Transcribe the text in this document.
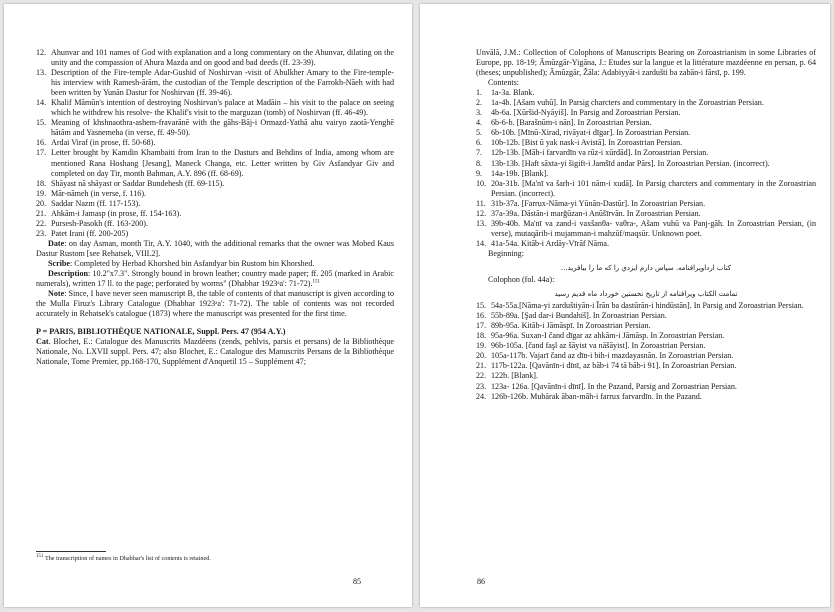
12. Ahunvar and 101 names of God with explanation and a long commentary on the Ahunvar, dilating on the unity and the compassion of Ahura Mazda and on good and bad deeds (ff. 23-39).
13. Description of the Fire-temple Adar-Gushid of Noshirvan -visit of Abulkher Amary to the Fire-temple- his interview with Ramesh-ārām, the custodian of the Temple description of the Farrokh-Nāeh with had been written by Yunān Dastur for Noshirvan (ff. 39-46).
14. Khalif Māmūn's intention of destroying Noshirvan's palace at Madāin – his visit to the palace on seeing which he withdrew his resolve- the Khalif's visit to the marguzan (tomb) of Noshirvan (ff. 46-49).
15. Meaning of khshnaothra-ashem-fravarānē with the gāhs-Bāj-i Ormazd-Yathā ahu vairyo zaotā-Yenghē hātām and Yasnemeha (in verse, ff. 49-50).
16. Ardai Viraf (in prose, ff. 50-68).
17. Letter brought by Kamdin Khambaiti from Iran to the Dasturs and Behdins of India, among whom are mentioned Rana Hoshang [Jesang], Maneck Changa, etc. Letter written by Giv Asfandyar Giv and completed on day Tir, month Bahman, A.Y. 896 (ff. 68-69).
18. Shāyast nā shāyast or Saddar Bundehesh (ff. 69-115).
19. Mār-nāmeh (in verse, f. 116).
20. Saddar Nazm (ff. 117-153).
21. Ahkām-i Jamasp (in prose, ff. 154-163).
22. Pursesh-Pasokh (ff. 163-200).
23. Patet Irani (ff. 200-205)

Date: on day Asman, month Tir, A.Y. 1040, with the additional remarks that the owner was Mobed Kaus Dastur Rustom [see Rehatsek, VIII.2].

Scribe: Completed by Herbad Khorshed bin Asfandyar bin Rustom bin Khorshed.

Description: 10.2"x7.3". Strongly bound in brown leather; country made paper; ff. 205 (marked in Arabic numerals), written 17 ll. to the page; perforated by worms" (Dhabhar 1923ᵃa': 71-72).$^{151}$

Note: Since, I have never seen manuscript B, the table of contents of that manuscript is given according to the Mulla Firuz's Library Catalogue (Dhabhar 1923ᵃa': 71-72). The table of contents was not recorded accurately in Rehatsek's catalogue (1873) where the manuscript was presented for the first time.

P = PARIS, BIBLIOTHÈQUE NATIONALE, Suppl. Pers. 47 (954 A.Y.)

Cat. Blochet, E.: Catalogue des Manuscrits Mazdéens (zends, pehlvis, parsis et persans) de la Bibliothèque Nationale, No. LXVII suppl. Pers. 47; also Blochet, E.: Catalogue des Manuscrits Persans de la Bibliothèque Nationale, Tome Premier, pp.168-170, Supplément d'Anquetil 15 – Supplément 47;

$^{151}$ The transcription of names in Dhabhar's list of contents is retained.
85

Unvālā, J.M.: Collection of Colophons of Manuscripts Bearing on Zoroastrianism in some Libraries of Europe, pp. 18-19; Āmūzgār-Yigāna, J.: Etudes sur la langue et la littérature mazdéenne en persan, p. 64 (theses; unpublished); Āmūzgār, Žāla: Adabiyyāt-i zardušti ba zabān-i fārsī, p. 199.

Contents:

1. 1a-3a. Blank.
2. 1a-4b. [Ašam vuhū]. In Parsig charcters and commentary in the Zoroastrian Persian.
3. 4b-6a. [Xūršid-Nyāyiš]. In Parsig and Zoroastrian Persian.
4. 6b-6-b. [Barašnūm-i nān]. In Zoroastrian Persian.
5. 6b-10b. [Mīnū-Xirad, rivāyat-i dīgar]. In Zoroastrian Persian.
6. 10b-12b. [Bist ū yak nask-i Avistā]. In Zoroastrian Persian.
7. 12b-13b. [Māh-i farvardīn va rūz-i xūrdād]. In Zoroastrian Persian.
8. 13b-13b. [Haft sāxta-yi šigift-i Jamšīd andar Pārs]. In Zoroastrian Persian. (incorrect).
9. 14a-19b. [Blank].
10. 20a-31b. [Ma'nī va šarh-i 101 nām-i xudā]. In Parsig charcters and commentary in the Zoroastrian Persian. (incorrect).
11. 31b-37a. [Farrux-Nāma-yi Yūnān-Dastūr]. In Zoroastrian Persian.
12. 37a-39a. Dāstān-i marğūzan-i Anūšīrvān. In Zoroastrian Persian.
13. 39b-40b. Ma'nī va zand-i vaxšanθa- vaθra-, Ašam vuhū va Panj-gāh. In Zoroastrian Persian, (in verse), mutaqārib-i mujamman-i mahzūf/maqsūr. Unknown poet.
14. 41a-54a. Kitāb-i Ardāy-Vīrāf Nāma.

Beginning:

كتاب ارداويرافنامه. سپاس دارم ايزدي را كه ما را بيافريد...

Colophon (fol. 44a):

تمامت الكتاب ويرافنامه از تاريخ نخستين خورداد ماه قديم رسيد

15. 54a-55a.[Nāma-yi zarduštiyān-i Īrān ba dastūrān-i hindūstān]. In Parsig and Zoroastrian Persian.
16. 55b-89a. [Şad dar-i Bundahiš]. In Zoroastrian Persian.
17. 89b-95a. Kitāb-i Jāmāspī. In Zoroastrian Persian.
18. 95a-96a. Suxan-I čand dīgar az ahkām-i Jāmāsp. In Zoroastrian Persian.
19. 96b-105a. [čand faşl az šāyist va nāšāyist]. In Zoroastrian Persian.
20. 105a-117b. Vajarī čand az dīn-i bih-i mazdayasnān. In Zoroastrian Persian.
21. 117b-122a. [Qavānīn-i dīnī, az bāb-i 74 tā bāb-i 91]. In Zoroastrian Persian.
22. 122b. [Blank].
23. 123a- 126a. [Qavānīn-i dīnī]. In the Pazand, Parsig and Zoroastrian Persian.
24. 126b-126b. Mubārak āban-māh-i farrux farvardīn. In the Pazand.
86
